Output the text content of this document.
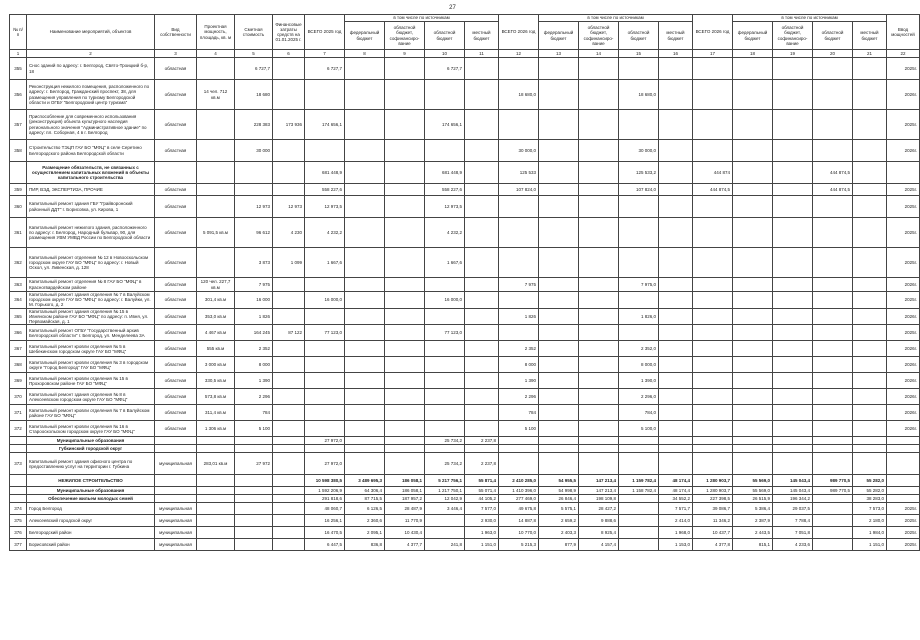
27
№ п/п	Наименование мероприятий, объектов	Вид собственности	Проектная мощность, площадь, кв. м	Сметная стоимость	Финансовые затраты средств на 01.01.2025 г.	ВСЕГО 2025 год	в том числе по источникам				ВСЕГО 2026 год	в том числе по источникам				ВСЕГО 2026 год	в том числе по источникам				Ввод мощностей	
							федеральный бюджет	областной бюджет, софинансиро- вание	областной бюджет	местный бюджет		федеральный бюджет	областной бюджет, софинансиро- вание	областной бюджет	местный бюджет		федеральный бюджет	областной бюджет, софинансиро- вание	областной бюджет	местный бюджет		
1	2	3	4	5	6	7	8	9	10	11	12	13	14	15	16	17	18	19	20	21	22	
355	Сноc зданий по адресу: г. Белгород, Святo-Троицкий б-р, 18	областная		6 727,7		6 727,7			6 727,7												2025г.	
356	Реконструкция нежилого помещения, расположенного по адресу: г. Белгород, Гражданский проспект, 38, для размещения управления по туризму Белгородской области и ОГБУ "Белгородский центр туризма"	областная	14 чел. 712 кв.м	18 680							18 680,0			18 680,0							2026г.	
357	Приспособление для современного использования (реконструкция) объекта культурного наследия регионального значения "Административное здание" по адресу: пл. Соборная, 4 в г. Белгород	областная		228 383	173 936	174 656,1			174 656,1												2025г.	
358	Строительство ТЭЦП ГАУ БО "МФЦ" в селе Серетино Белгородского района Белгородской области	областная		30 000							30 000,0			30 000,0							2026г.	
	Размещение обязательств, не связанных с осуществлением капитальных вложений в объекты капитального строительства					681 448,9			681 448,9		125 533			125 533,2		444 874			444 874,5			
359	ПИР, ВЭД, ЭКСПЕРТИЗА, ПРОЧИЕ	областная				558 227,6			558 227,6		107 824,0			107 824,0		444 874,5			444 874,5		2025г.	
360	Капитальный ремонт здания ГБУ "Грайворонский районный ДДТ" г. Борисовка, ул. Кирова, 1	областная		12 973	12 973	12 973,5			12 973,5												2025г.	
361	Капитальный ремонт нежилого здания, расположенного по адресу: г. Белгород, Народный бульвар, 90, для размещения УВМ УМВД России по Белгородской области	областная	5 091,5 кв.м	96 612	4 230	4 232,2			4 232,2												2025г.	
362	Капитальный ремонт отделения № 12 в Новооскольском городском округе ГАУ БО "МФЦ" по адресу: г. Новый Оскол, ул. Ливенская, д. 128	областная		3 873	1 099	1 667,6			1 667,6												2025г.	
363	Капитальный ремонт отделения № 8 ГАУ БО "МФЦ" в Красногвардейском районе	областная	120 чел. 227,7 кв.м	7 975							7 975			7 975,0							2026г.	
364	Капитальный ремонт здания отделения № 7 в Валуйском городском округе ГАУ БО "МФЦ" по адресу: г. Валуйки, ул. М. Горького, д. 2	областная	301,4 кв.м	16 000		16 000,0			16 000,0												2025г.	
365	Капитальный ремонт здания отделения № 15 в Ивнянском районе ГАУ БО "МФЦ" по адресу: п. Ивня, ул. Первомайская, д. 1	областная	353,0 кв.м	1 826							1 826			1 826,0							2026г.	
366	Капитальный ремонт ОГБУ "Государственный архив Белгородской области" г. Белгород, ул. Менделеева 3А	областная	4 467 кв.м	164 245	87 122	77 123,0			77 123,0												2025г.	
367	Капитальный ремонт кровли отделения № 5 в Шебекинском городском округе ГАУ БО "МФЦ"	областная	555 кв.м	2 352							2 352			2 352,0							2026г.	
368	Капитальный ремонт кровли отделения № 3 в городском округе "Город Белгород" ГАУ БО "МФЦ"	областная	3 000 кв.м	8 000							8 000			8 000,0							2026г.	
369	Капитальный ремонт кровли отделения № 15 в Прохоровском районе ГАУ БО "МФЦ"	областная	330,5 кв.м	1 390							1 390			1 390,0							2026г.	
370	Капитальный ремонт здания отделения № 8 в Алексеевском городском округе ГАУ БО "МФЦ"	областная	573,8 кв.м	2 296							2 296			2 296,0							2026г.	
371	Капитальный ремонт кровли отделения № 7 в Валуйском районе ГАУ БО "МФЦ"	областная	311,4 кв.м	784							784			784,0							2026г.	
372	Капитальный ремонт кровли отделения № 16 в Старооскольском городском округе ГАУ БО "МФЦ"	областная	1 306 кв.м	5 100							5 100			5 100,0							2026г.	
	Муниципальные образования					27 972,0			25 734,2	2 237,8												
	Губкинский городской округ																					
373	Капитальный ремонт здания офисного центра по предоставлению услуг на территории г. Губкина	муниципальная	283,01 кв.м	27 972		27 972,0			25 734,2	2 237,8												
	НЕЖИЛОЕ СТРОИТЕЛЬСТВО					10 598 380,5	3 489 695,3	186 058,1	5 217 756,1	55 871,4	2 410 285,0	54 955,5	147 213,4	1 159 782,4	48 174,4	1 280 903,7	55 569,0	145 043,4	989 770,5	55 282,0		
	Муниципальные образования					1 592 206,9	64 306,4	186 058,1	1 217 750,1	55 071,4	1 410 396,0	54 998,9	147 213,4	1 158 782,4	48 174,4	1 280 903,7	55 569,0	145 043,4	989 770,5	55 282,0		
	Обеспечение жильем молодых семей					291 818,6	87 715,5	187 957,2	12 042,9	44 105,2	277 469,0	26 846,4	198 109,8		34 552,2	227 398,5	26 515,9	196 344,2		38 283,0		
374	Город Белгород	муниципальная				48 060,7	6 126,5	28 487,9	3 446,4	7 577,0	49 675,8	5 575,1	28 427,2		7 571,7	39 086,7	5 386,4	29 037,5		7 573,0	2025г.	
375	Алексеевский городской округ	муниципальная				16 256,1	2 360,6	11 770,9		2 930,0	14 887,8	2 659,2	9 888,6		2 414,0	11 346,2	2 387,9	7 788,4		2 180,0	2025г.	
376	Белгородский район	муниципальная				16 470,5	2 095,1	10 430,4		1 963,0	10 770,0	2 403,3	8 925,4		1 968,0	10 437,7	2 443,5	7 051,8		1 984,0	2025г.	
377	Борисовский район	муниципальная				6 447,5	836,8	4 377,7	241,8	1 151,0	5 215,3	877,9	4 157,4		1 153,0	4 377,8	815,1	4 233,6		1 151,0	2025г.	
